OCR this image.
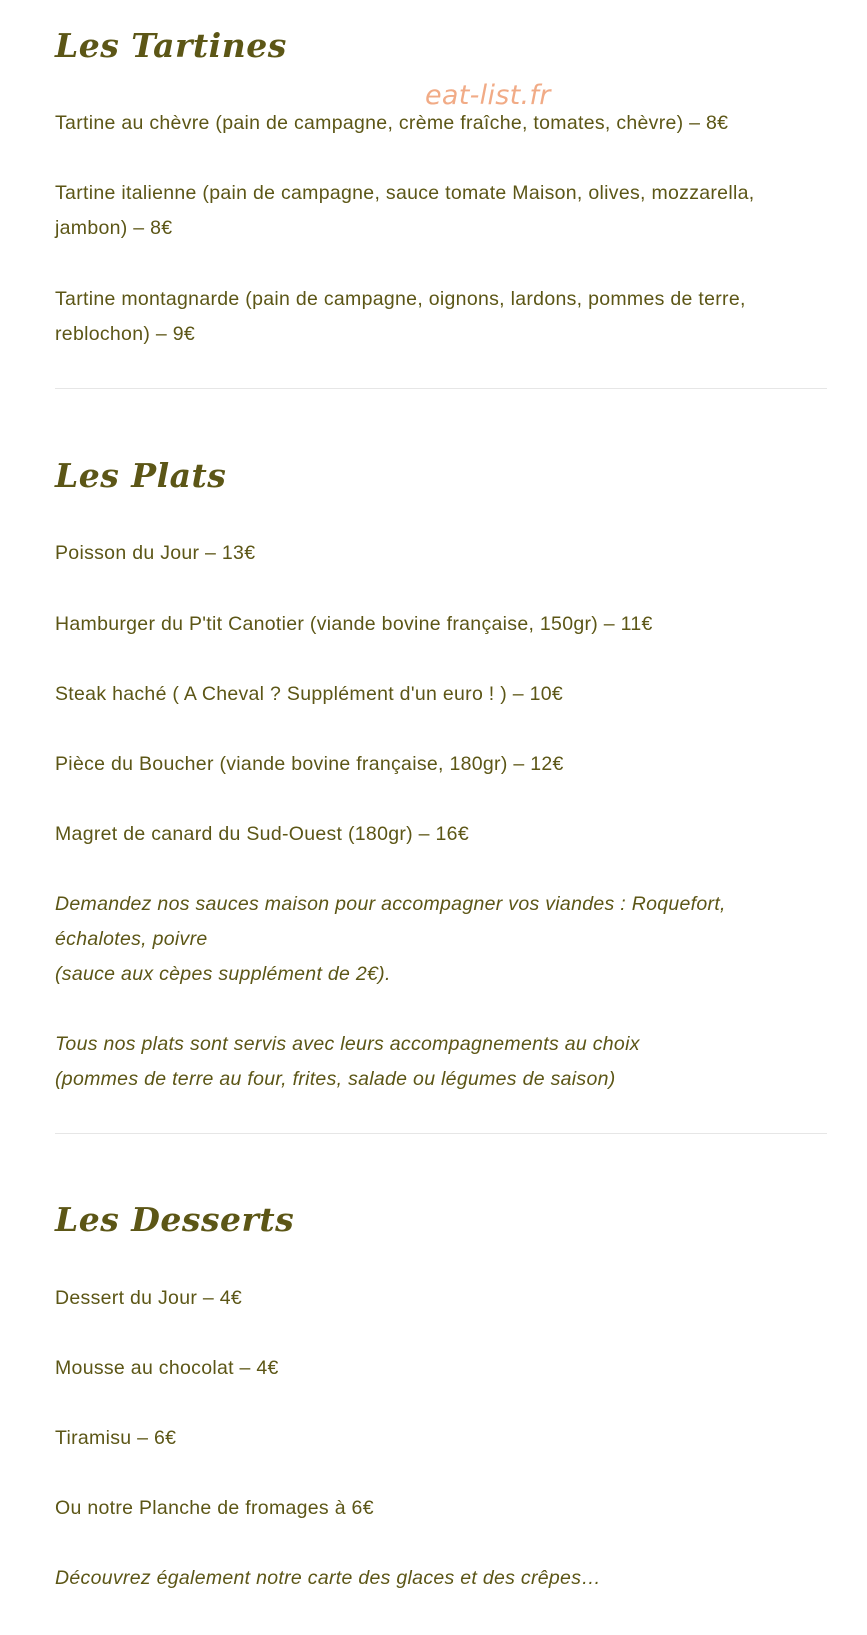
eat-list.fr
Les Tartines

Tartine au chèvre (pain de campagne, crème fraîche, tomates, chèvre) – 8€

Tartine italienne (pain de campagne, sauce tomate Maison, olives, mozzarella,

jambon) – 8€

Tartine montagnarde (pain de campagne, oignons, lardons, pommes de terre,

reblochon) – 9€

Les Plats

Poisson du Jour – 13€

Hamburger du P'tit Canotier (viande bovine française, 150gr) – 11€

Steak haché ( A Cheval ? Supplément d'un euro ! ) – 10€

Pièce du Boucher (viande bovine française, 180gr) – 12€

Magret de canard du Sud-Ouest (180gr) – 16€

Demandez nos sauces maison pour accompagner vos viandes : Roquefort,

échalotes, poivre

(sauce aux cèpes supplément de 2€).

Tous nos plats sont servis avec leurs accompagnements au choix

(pommes de terre au four, frites, salade ou légumes de saison)

Les Desserts

Dessert du Jour – 4€

Mousse au chocolat – 4€

Tiramisu – 6€

Ou notre Planche de fromages à 6€

Découvrez également notre carte des glaces et des crêpes…
